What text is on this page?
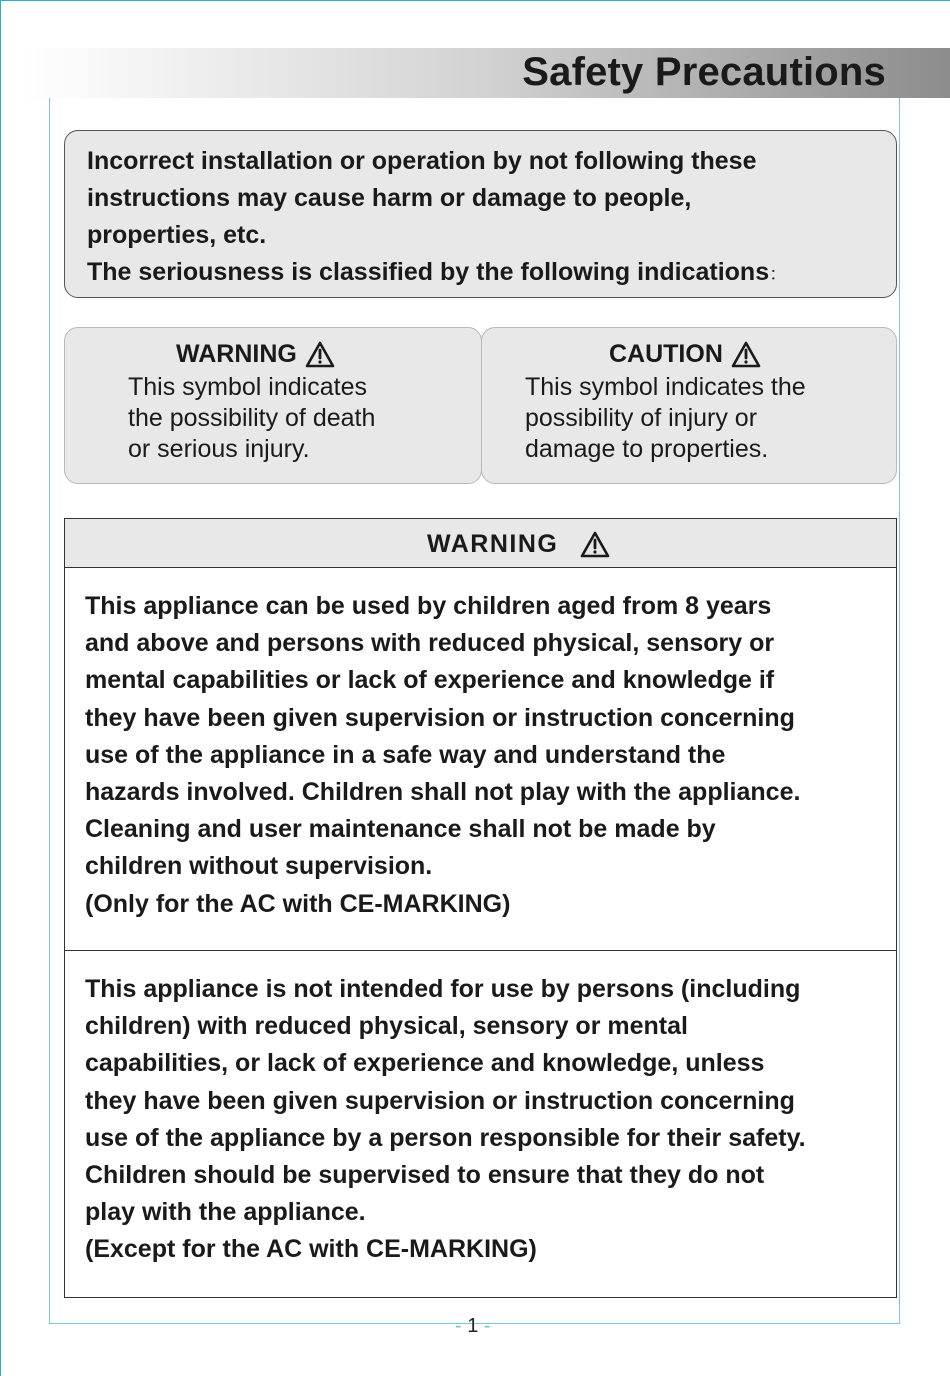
Safety Precautions

Incorrect installation or operation by not following these

instructions may cause harm or damage to people,

properties, etc.

The seriousness is classified by the following indications：

WARNING
This symbol indicates
the possibility of death
or serious injury.
CAUTION
This symbol indicates the
possibility of injury or
damage to properties.
WARNING
This appliance can be used by children aged from 8 years
and above and persons with reduced physical, sensory or
mental capabilities or lack of experience and knowledge if
they have been given supervision or instruction concerning
use of the appliance in a safe way and understand the
hazards involved. Children shall not play with the appliance.
Cleaning and user maintenance shall not be made by
children without supervision.
(Only for the AC with CE-MARKING)
This appliance is not intended for use by persons (including
children) with reduced physical, sensory or mental
capabilities, or lack of experience and knowledge, unless
they have been given supervision or instruction concerning
use of the appliance by a person responsible for their safety.
Children should be supervised to ensure that they do not
play with the appliance.
(Except for the AC with CE-MARKING)
- 1 -
